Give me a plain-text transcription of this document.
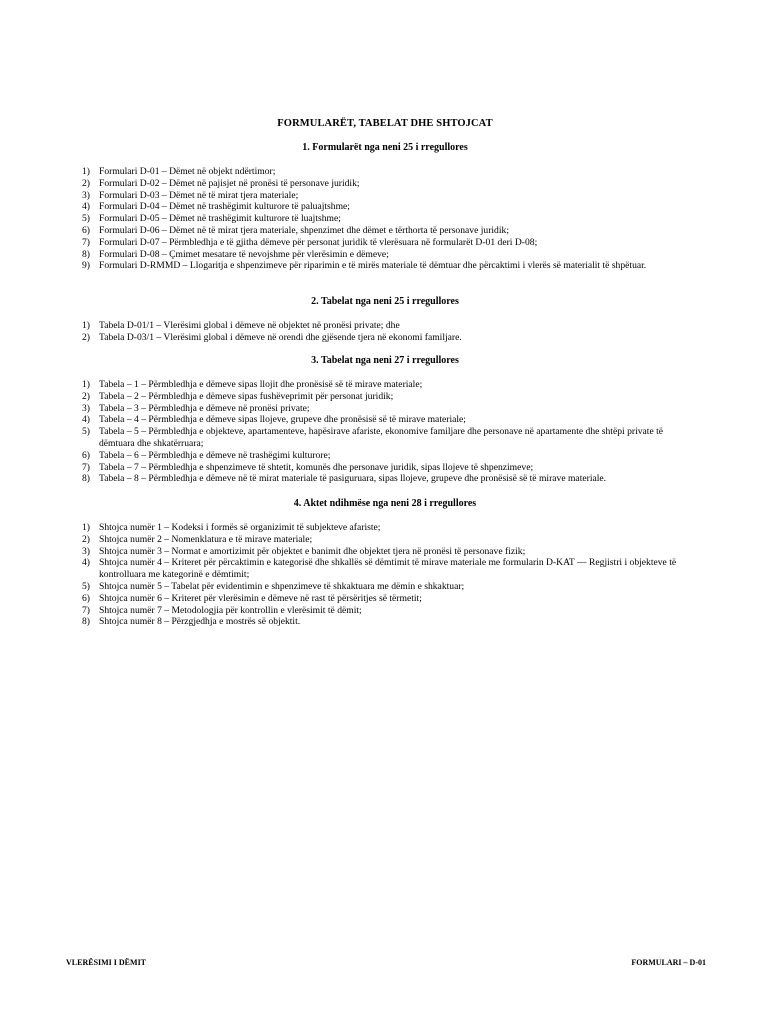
FORMULARËT, TABELAT DHE SHTOJCAT
1. Formularët nga neni 25 i rregullores
1) Formulari D-01 – Dëmet në objekt ndërtimor;
2) Formulari D-02 – Dëmet në pajisjet në pronësi të personave juridik;
3) Formulari D-03 – Dëmet në të mirat tjera materiale;
4) Formulari D-04 – Dëmet në trashëgimit kulturore të paluajtshme;
5) Formulari D-05 – Dëmet në trashëgimit kulturore të luajtshme;
6) Formulari D-06 – Dëmet në të mirat tjera materiale, shpenzimet dhe dëmet e tërthorta të personave juridik;
7) Formulari D-07 – Përmbledhja e të gjitha dëmeve për personat juridik të vlerësuara në formularët D-01 deri D-08;
8) Formulari D-08 – Çmimet mesatare të nevojshme për vlerësimin e dëmeve;
9) Formulari D-RMMD – Llogaritja e shpenzimeve për riparimin e të mirës materiale të dëmtuar dhe përcaktimi i vlerës së materialit të shpëtuar.
2. Tabelat nga neni 25 i rregullores
1) Tabela D-01/1 – Vlerësimi global i dëmeve në objektet në pronësi private; dhe
2) Tabela D-03/1 – Vlerësimi global i dëmeve në orendi dhe gjësende tjera në ekonomi familjare.
3. Tabelat nga neni 27 i rregullores
1) Tabela – 1 – Përmbledhja e dëmeve sipas llojit dhe pronësisë së të mirave materiale;
2) Tabela – 2 – Përmbledhja e dëmeve sipas fushëveprimit për personat juridik;
3) Tabela – 3 – Përmbledhja e dëmeve në pronësi private;
4) Tabela – 4 – Përmbledhja e dëmeve sipas llojeve, grupeve dhe pronësisë së të mirave materiale;
5) Tabela – 5 – Përmbledhja e objekteve, apartamenteve, hapësirave afariste, ekonomive familjare dhe personave në apartamente dhe shtëpi private të dëmtuara dhe shkatërruara;
6) Tabela – 6 – Përmbledhja e dëmeve në trashëgimi kulturore;
7) Tabela – 7 – Përmbledhja e shpenzimeve të shtetit, komunës dhe personave juridik, sipas llojeve të shpenzimeve;
8) Tabela – 8 – Përmbledhja e dëmeve në të mirat materiale të pasiguruara, sipas llojeve, grupeve dhe pronësisë së të mirave materiale.
4. Aktet ndihmëse nga neni 28 i rregullores
1) Shtojca numër 1 – Kodeksi i formës së organizimit të subjekteve afariste;
2) Shtojca numër 2 – Nomenklatura e të mirave materiale;
3) Shtojca numër 3 – Normat e amortizimit për objektet e banimit dhe objektet tjera në pronësi të personave fizik;
4) Shtojca numër 4 – Kriteret për përcaktimin e kategorisë dhe shkallës së dëmtimit të mirave materiale me formularin D-KAT — Regjistri i objekteve të kontrolluara me kategorinë e dëmtimit;
5) Shtojca numër 5 – Tabelat për evidentimin e shpenzimeve të shkaktuara me dëmin e shkaktuar;
6) Shtojca numër 6 – Kriteret për vlerësimin e dëmeve në rast të përsëritjes së tërmetit;
7) Shtojca numër 7 – Metodologjia për kontrollin e vlerësimit të dëmit;
8) Shtojca numër 8 – Përzgjedhja e mostrës së objektit.
VLERËSIMI I DËMIT	FORMULARI – D-01
